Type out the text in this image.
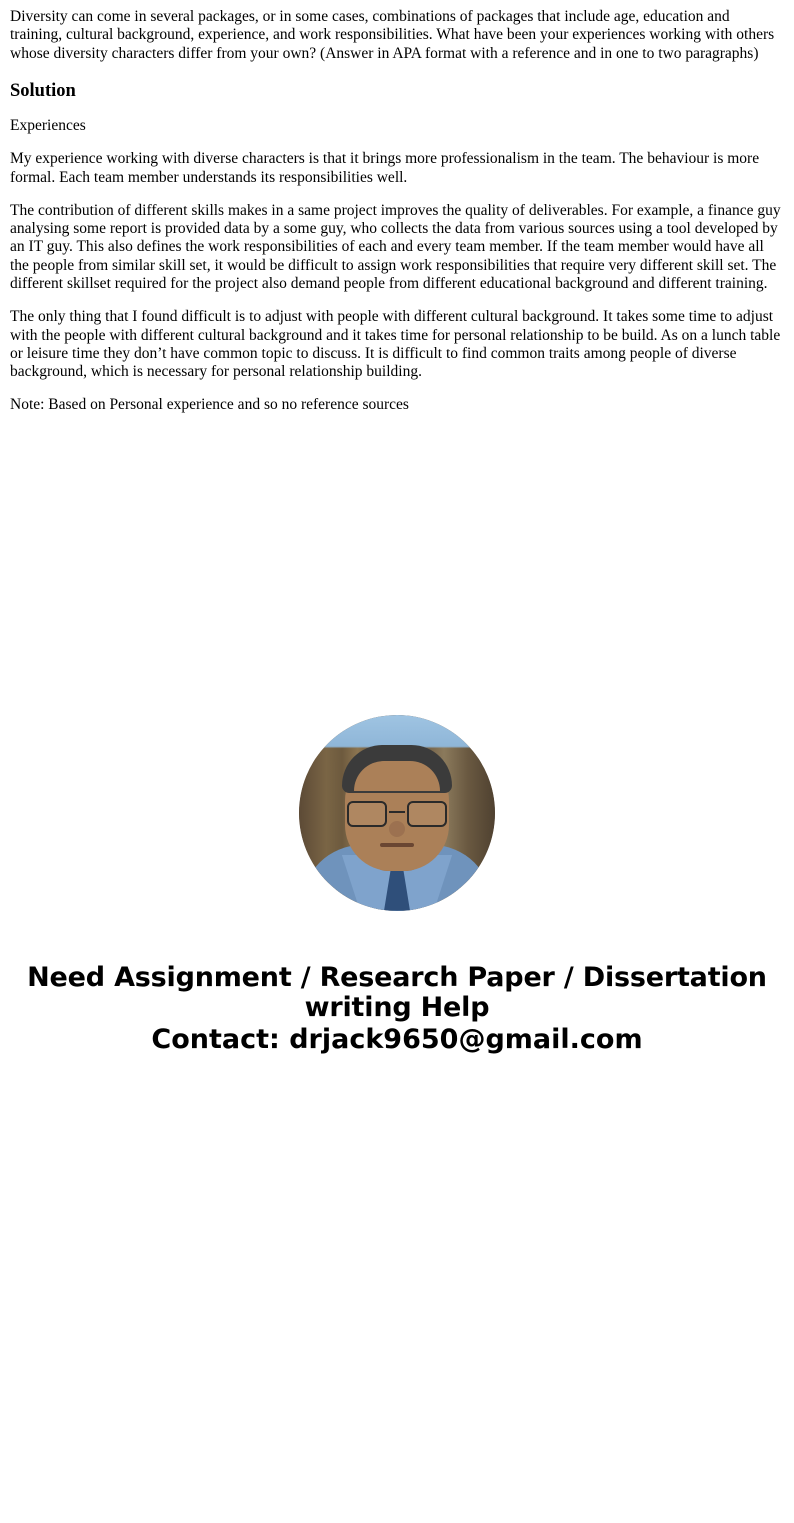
Diversity can come in several packages, or in some cases, combinations of packages that include age, education and training, cultural background, experience, and work responsibilities. What have been your experiences working with others whose diversity characters differ from your own? (Answer in APA format with a reference and in one to two paragraphs)

Solution

Experiences

My experience working with diverse characters is that it brings more professionalism in the team. The behaviour is more formal. Each team member understands its responsibilities well.

The contribution of different skills makes in a same project improves the quality of deliverables. For example, a finance guy analysing some report is provided data by a some guy, who collects the data from various sources using a tool developed by an IT guy. This also defines the work responsibilities of each and every team member. If the team member would have all the people from similar skill set, it would be difficult to assign work responsibilities that require very different skill set. The different skillset required for the project also demand people from different educational background and different training.

The only thing that I found difficult is to adjust with people with different cultural background. It takes some time to adjust with the people with different cultural background and it takes time for personal relationship to be build. As on a lunch table or leisure time they don’t have common topic to discuss. It is difficult to find common traits among people of diverse background, which is necessary for personal relationship building.

Note: Based on Personal experience and so no reference sources

Need Assignment / Research Paper / Dissertation writing Help
Contact: drjack9650@gmail.com
